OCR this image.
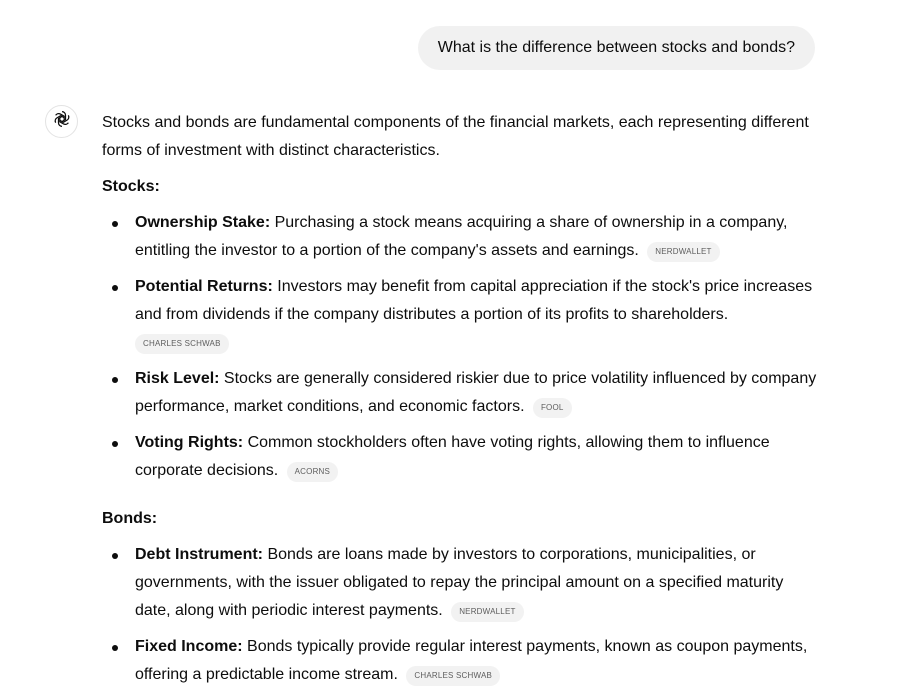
What is the difference between stocks and bonds?

Stocks and bonds are fundamental components of the financial markets, each representing different forms of investment with distinct characteristics.

Stocks:

Ownership Stake: Purchasing a stock means acquiring a share of ownership in a company, entitling the investor to a portion of the company's assets and earnings. NERDWALLET
Potential Returns: Investors may benefit from capital appreciation if the stock's price increases and from dividends if the company distributes a portion of its profits to shareholders.
CHARLES SCHWAB
Risk Level: Stocks are generally considered riskier due to price volatility influenced by company performance, market conditions, and economic factors. FOOL
Voting Rights: Common stockholders often have voting rights, allowing them to influence corporate decisions. ACORNS

Bonds:

Debt Instrument: Bonds are loans made by investors to corporations, municipalities, or governments, with the issuer obligated to repay the principal amount on a specified maturity date, along with periodic interest payments. NERDWALLET
Fixed Income: Bonds typically provide regular interest payments, known as coupon payments, offering a predictable income stream. CHARLES SCHWAB
